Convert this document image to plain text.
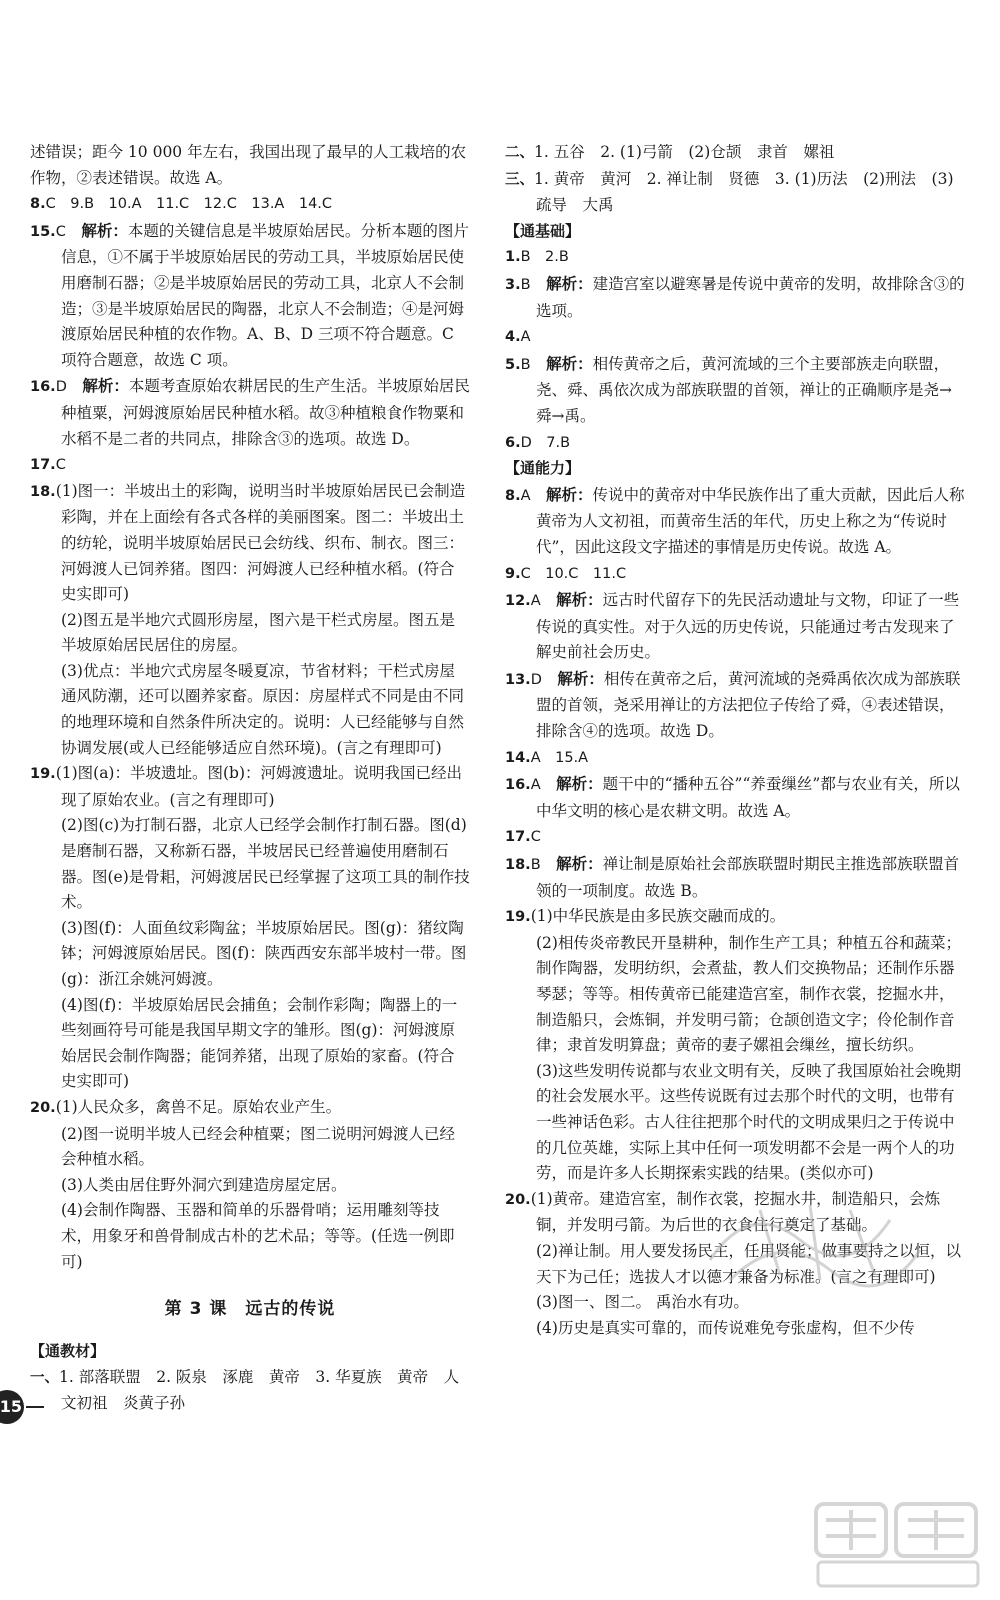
述错误；距今 10 000 年左右，我国出现了最早的人工栽培的农作物，②表述错误。故选 A。

8.C　9.B　10.A　11.C　12.C　13.A　14.C

15.C  解析：本题的关键信息是半坡原始居民。分析本题的图片信息，①不属于半坡原始居民的劳动工具，半坡原始居民使用磨制石器；②是半坡原始居民的劳动工具，北京人不会制造；③是半坡原始居民的陶器，北京人不会制造；④是河姆渡原始居民种植的农作物。A、B、D 三项不符合题意。C 项符合题意，故选 C 项。

16.D  解析：本题考查原始农耕居民的生产生活。半坡原始居民种植粟，河姆渡原始居民种植水稻。故③种植粮食作物粟和水稻不是二者的共同点，排除含③的选项。故选 D。

17.C

18.(1)图一：半坡出土的彩陶，说明当时半坡原始居民已会制造彩陶，并在上面绘有各式各样的美丽图案。图二：半坡出土的纺轮，说明半坡原始居民已会纺线、织布、制衣。图三：河姆渡人已饲养猪。图四：河姆渡人已经种植水稻。(符合史实即可)

(2)图五是半地穴式圆形房屋，图六是干栏式房屋。图五是半坡原始居民居住的房屋。

(3)优点：半地穴式房屋冬暖夏凉，节省材料；干栏式房屋通风防潮，还可以圈养家畜。原因：房屋样式不同是由不同的地理环境和自然条件所决定的。说明：人已经能够与自然协调发展(或人已经能够适应自然环境)。(言之有理即可)

19.(1)图(a)：半坡遗址。图(b)：河姆渡遗址。说明我国已经出现了原始农业。(言之有理即可)

(2)图(c)为打制石器，北京人已经学会制作打制石器。图(d)是磨制石器，又称新石器，半坡居民已经普遍使用磨制石器。图(e)是骨耜，河姆渡居民已经掌握了这项工具的制作技术。

(3)图(f)：人面鱼纹彩陶盆；半坡原始居民。图(g)：猪纹陶钵；河姆渡原始居民。图(f)：陕西西安东部半坡村一带。图(g)：浙江余姚河姆渡。

(4)图(f)：半坡原始居民会捕鱼；会制作彩陶；陶器上的一些刻画符号可能是我国早期文字的雏形。图(g)：河姆渡原始居民会制作陶器；能饲养猪，出现了原始的家畜。(符合史实即可)

20.(1)人民众多，禽兽不足。原始农业产生。

(2)图一说明半坡人已经会种植粟；图二说明河姆渡人已经会种植水稻。

(3)人类由居住野外洞穴到建造房屋定居。

(4)会制作陶器、玉器和简单的乐器骨哨；运用雕刻等技术，用象牙和兽骨制成古朴的艺术品；等等。(任选一例即可)

第 3 课　远古的传说

【通教材】

一、1. 部落联盟　2. 阪泉　涿鹿　黄帝　3. 华夏族　黄帝　人文初祖　炎黄子孙

二、1. 五谷　2. (1)弓箭　(2)仓颉　隶首　嫘祖

三、1. 黄帝　黄河　2. 禅让制　贤德　3. (1)历法　(2)刑法　(3)疏导　大禹

【通基础】

1.B　2.B

3.B  解析：建造宫室以避寒暑是传说中黄帝的发明，故排除含③的选项。

4.A

5.B  解析：相传黄帝之后，黄河流域的三个主要部族走向联盟，尧、舜、禹依次成为部族联盟的首领，禅让的正确顺序是尧→舜→禹。

6.D　7.B

【通能力】

8.A  解析：传说中的黄帝对中华民族作出了重大贡献，因此后人称黄帝为人文初祖，而黄帝生活的年代，历史上称之为“传说时代”，因此这段文字描述的事情是历史传说。故选 A。

9.C　10.C　11.C

12.A  解析：远古时代留存下的先民活动遗址与文物，印证了一些传说的真实性。对于久远的历史传说，只能通过考古发现来了解史前社会历史。

13.D  解析：相传在黄帝之后，黄河流域的尧舜禹依次成为部族联盟的首领，尧采用禅让的方法把位子传给了舜，④表述错误，排除含④的选项。故选 D。

14.A　15.A

16.A  解析：题干中的“播种五谷”“养蚕缫丝”都与农业有关，所以中华文明的核心是农耕文明。故选 A。

17.C

18.B  解析：禅让制是原始社会部族联盟时期民主推选部族联盟首领的一项制度。故选 B。

19.(1)中华民族是由多民族交融而成的。

(2)相传炎帝教民开垦耕种，制作生产工具；种植五谷和蔬菜；制作陶器，发明纺织，会煮盐，教人们交换物品；还制作乐器琴瑟；等等。相传黄帝已能建造宫室，制作衣裳，挖掘水井，制造船只，会炼铜，并发明弓箭；仓颉创造文字；伶伦制作音律；隶首发明算盘；黄帝的妻子嫘祖会缫丝，擅长纺织。

(3)这些发明传说都与农业文明有关，反映了我国原始社会晚期的社会发展水平。这些传说既有过去那个时代的文明，也带有一些神话色彩。古人往往把那个时代的文明成果归之于传说中的几位英雄，实际上其中任何一项发明都不会是一两个人的功劳，而是许多人长期探索实践的结果。(类似亦可)

20.(1)黄帝。建造宫室，制作衣裳，挖掘水井，制造船只，会炼铜，并发明弓箭。为后世的衣食住行奠定了基础。

(2)禅让制。用人要发扬民主，任用贤能；做事要持之以恒，以天下为己任；选拔人才以德才兼备为标准。(言之有理即可)

(3)图一、图二。 禹治水有功。

(4)历史是真实可靠的，而传说难免夸张虚构，但不少传

15
